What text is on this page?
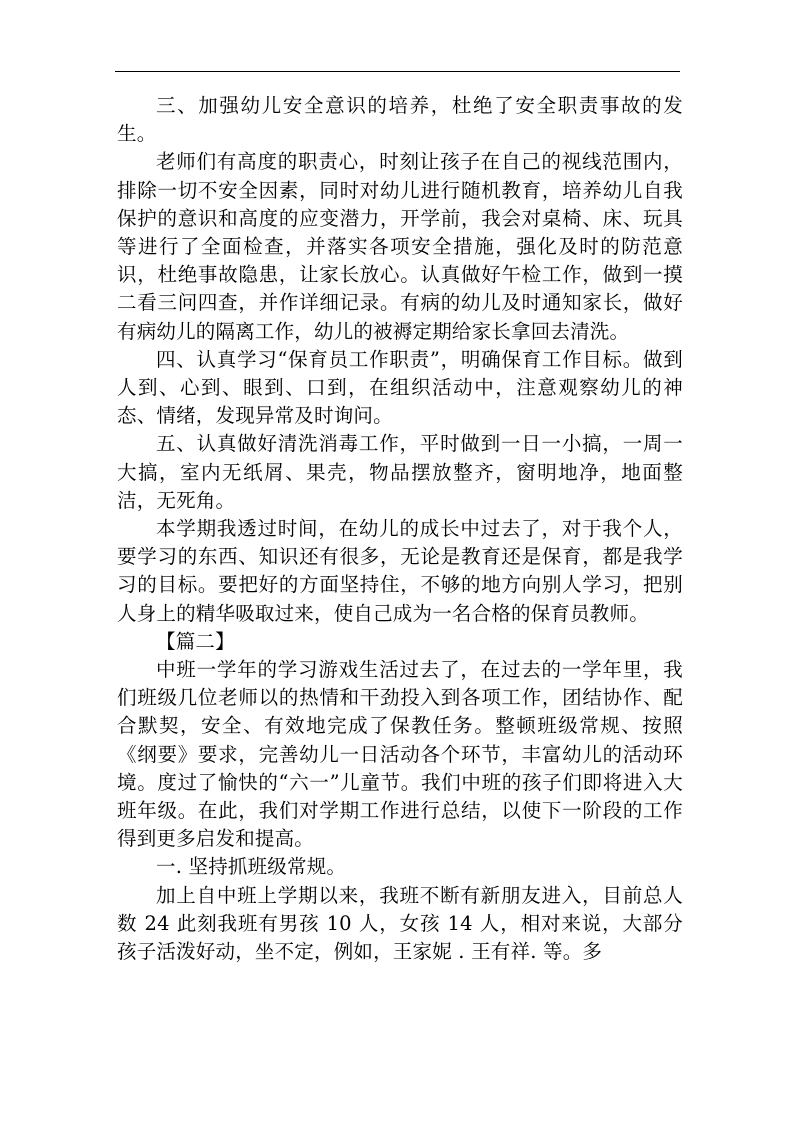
三、加强幼儿安全意识的培养，杜绝了安全职责事故的发生。

老师们有高度的职责心，时刻让孩子在自己的视线范围内，排除一切不安全因素，同时对幼儿进行随机教育，培养幼儿自我保护的意识和高度的应变潜力，开学前，我会对桌椅、床、玩具等进行了全面检查，并落实各项安全措施，强化及时的防范意识，杜绝事故隐患，让家长放心。认真做好午检工作，做到一摸二看三问四查，并作详细记录。有病的幼儿及时通知家长，做好有病幼儿的隔离工作，幼儿的被褥定期给家长拿回去清洗。

四、认真学习“保育员工作职责”，明确保育工作目标。做到人到、心到、眼到、口到，在组织活动中，注意观察幼儿的神态、情绪，发现异常及时询问。

五、认真做好清洗消毒工作，平时做到一日一小搞，一周一大搞，室内无纸屑、果壳，物品摆放整齐，窗明地净，地面整洁，无死角。

本学期我透过时间，在幼儿的成长中过去了，对于我个人，要学习的东西、知识还有很多，无论是教育还是保育，都是我学习的目标。要把好的方面坚持住，不够的地方向别人学习，把别人身上的精华吸取过来，使自己成为一名合格的保育员教师。

【篇二】

中班一学年的学习游戏生活过去了，在过去的一学年里，我们班级几位老师以的热情和干劲投入到各项工作，团结协作、配合默契，安全、有效地完成了保教任务。整顿班级常规、按照《纲要》要求，完善幼儿一日活动各个环节，丰富幼儿的活动环境。度过了愉快的“六一”儿童节。我们中班的孩子们即将进入大班年级。在此，我们对学期工作进行总结，以使下一阶段的工作得到更多启发和提高。

一. 坚持抓班级常规。

加上自中班上学期以来，我班不断有新朋友进入，目前总人数 24 此刻我班有男孩 10 人，女孩 14 人，相对来说，大部分孩子活泼好动，坐不定，例如，王家妮 . 王有祥. 等。多
